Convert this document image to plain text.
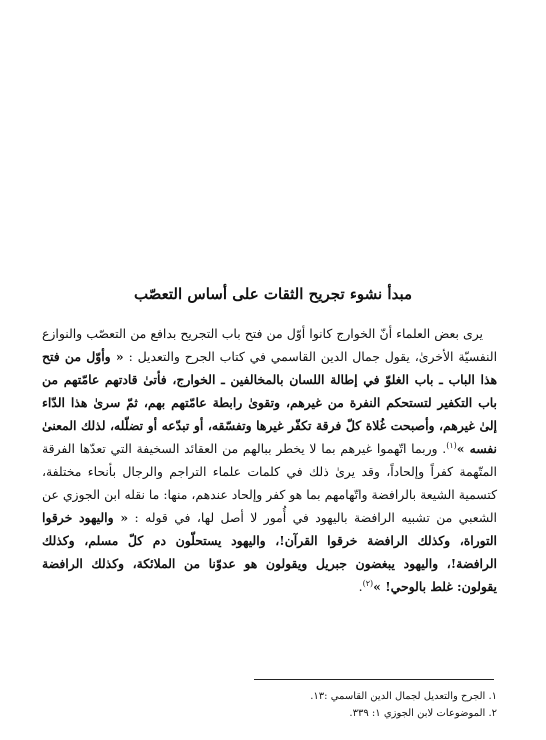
مبدأ نشوء تجريح الثقات على أساس التعصّب

يرى بعض العلماء أنّ الخوارج كانوا أوّل من فتح باب التجريح بدافع من التعصّب والنوازع النفسيّة الأخرىٰ، يقول جمال الدين القاسمي في كتاب الجرح والتعديل : « وأوّل من فتح هذا الباب ـ باب الغلوّ في إطالة اللسان بالمخالفين ـ الخوارج، فأتىٰ قادتهم عامّتهم من باب التكفير لتستحكم النفرة من غيرهم، وتقوىٰ رابطة عامّتهم بهم، ثمّ سرىٰ هذا الدّاء إلىٰ غيرهم، وأصبحت غُلاة كلّ فرقة تكفّر غيرها وتفسّقه، أو تبدّعه أو تضلّله، لذلك المعنىٰ نفسه »$^{(١)}$. وربما اتّهموا غيرهم بما لا يخطر ببالهم من العقائد السخيفة التي تعدّها الفرقة المتّهمة كفراً وإلحاداً، وقد يرىٰ ذلك في كلمات علماء التراجم والرجال بأنحاء مختلفة، كتسمية الشيعة بالرافضة واتّهامهم بما هو كفر وإلحاد عندهم، منها: ما نقله ابن الجوزي عن الشعبي من تشبيه الرافضة باليهود في أُمور لا أصل لها، في قوله : « واليهود خرقوا التوراة، وكذلك الرافضة خرقوا القرآن!، واليهود يستحلّون دم كلّ مسلم، وكذلك الرافضة!، واليهود يبغضون جبريل ويقولون هو عدوّنا من الملائكة، وكذلك الرافضة يقولون: غلط بالوحي! »$^{(٢)}$.

١. الجرح والتعديل لجمال الدين القاسمي :١٣.
٢. الموضوعات لابن الجوزي ١: ٣٣٩.
